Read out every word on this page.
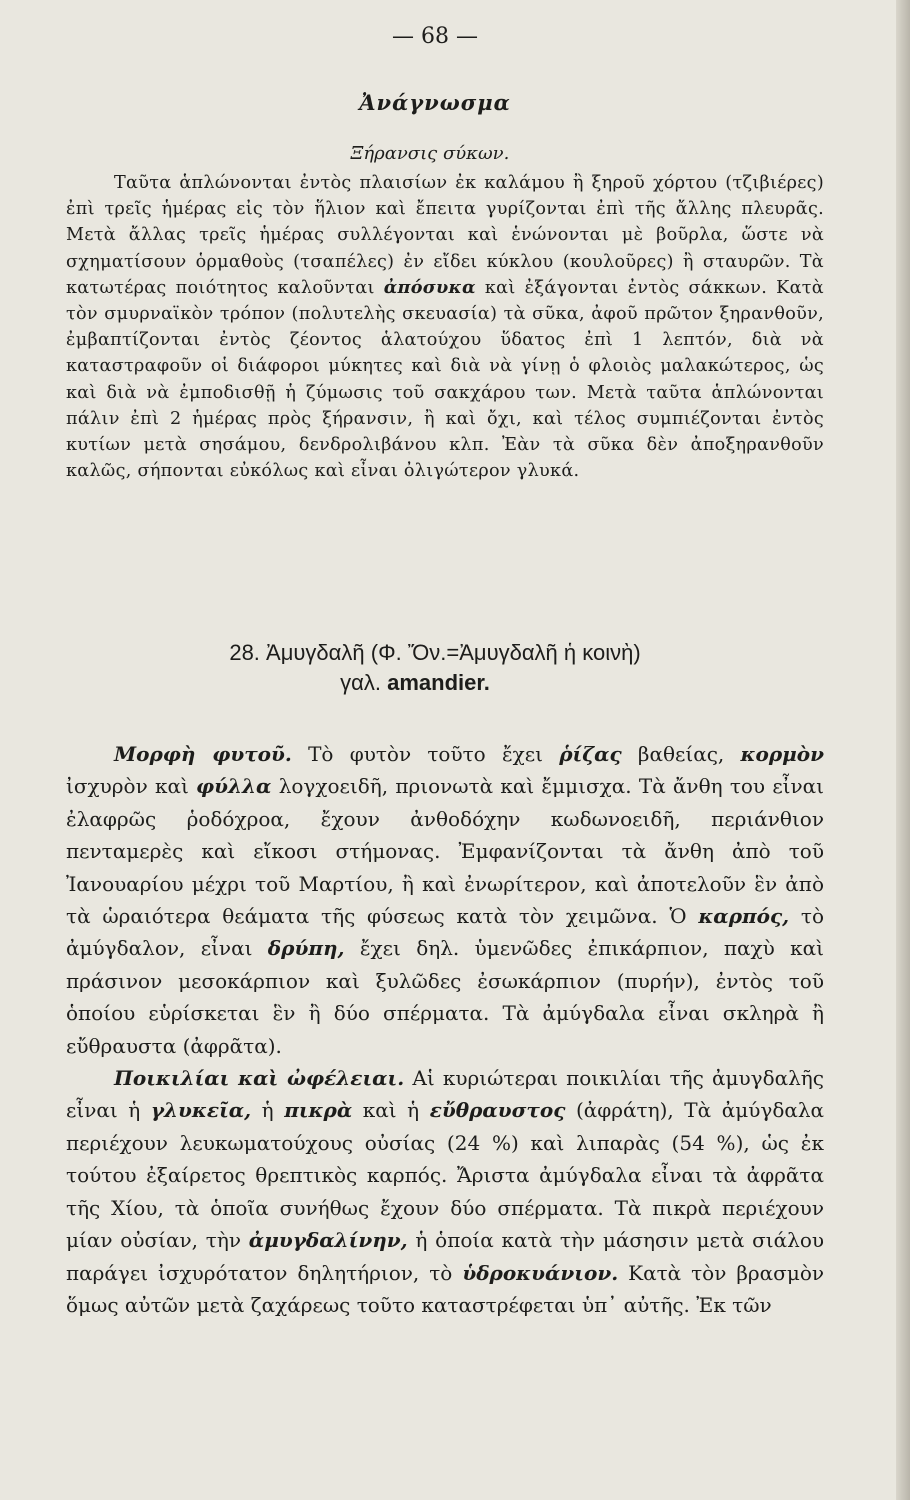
— 68 —
Ἀνάγνωσμα
Ξήρανσις σύκων.

Ταῦτα ἁπλώνονται ἐντὸς πλαισίων ἐκ καλάμου ἢ ξηροῦ χόρτου (τζιβιέρες) ἐπὶ τρεῖς ἡμέρας εἰς τὸν ἥλιον καὶ ἔπειτα γυρίζονται ἐπὶ τῆς ἄλλης πλευρᾶς. Μετὰ ἄλλας τρεῖς ἡμέρας συλλέγονται καὶ ἑνώνονται μὲ βοῦρλα, ὥστε νὰ σχηματίσουν ὁρμαθοὺς (τσαπέλες) ἐν εἴδει κύκλου (κουλοῦρες) ἢ σταυρῶν. Τὰ κατωτέρας ποιότητος καλοῦνται ἀπόσυκα καὶ ἐξάγονται ἐντὸς σάκκων. Κατὰ τὸν σμυρναϊκὸν τρόπον (πολυτελὴς σκευασία) τὰ σῦκα, ἀφοῦ πρῶτον ξηρανθοῦν, ἐμβαπτίζονται ἐντὸς ζέοντος ἁλατούχου ὕδατος ἐπὶ 1 λεπτόν, διὰ νὰ καταστραφοῦν οἱ διάφοροι μύκητες καὶ διὰ νὰ γίνῃ ὁ φλοιὸς μαλακώτερος, ὡς καὶ διὰ νὰ ἐμποδισθῇ ἡ ζύμωσις τοῦ σακχάρου των. Μετὰ ταῦτα ἁπλώνονται πάλιν ἐπὶ 2 ἡμέρας πρὸς ξήρανσιν, ἢ καὶ ὄχι, καὶ τέλος συμπιέζονται ἐντὸς κυτίων μετὰ σησάμου, δενδρολιβάνου κλπ. Ἐὰν τὰ σῦκα δὲν ἀποξηρανθοῦν καλῶς, σήπονται εὐκόλως καὶ εἶναι ὀλιγώτερον γλυκά.

28. Ἀμυγδαλῆ (Φ. Ὄν.=Ἀμυγδαλῆ ἡ κοινὴ)
γαλ. amandier.

Μορφὴ φυτοῦ. Τὸ φυτὸν τοῦτο ἔχει ῥίζας βαθείας, κορμὸν ἰσχυρὸν καὶ φύλλα λογχοειδῆ, πριονωτὰ καὶ ἔμμισχα. Τὰ ἄνθη του εἶναι ἐλαφρῶς ῥοδόχροα, ἔχουν ἀνθοδόχην κωδωνοειδῆ, περιάνθιον πενταμερὲς καὶ εἴκοσι στήμονας. Ἐμφανίζονται τὰ ἄνθη ἀπὸ τοῦ Ἰανουαρίου μέχρι τοῦ Μαρτίου, ἢ καὶ ἐνωρίτερον, καὶ ἀποτελοῦν ἓν ἀπὸ τὰ ὡραιότερα θεάματα τῆς φύσεως κατὰ τὸν χειμῶνα. Ὁ καρπός, τὸ ἀμύγδαλον, εἶναι δρύπη, ἔχει δηλ. ὑμενῶδες ἐπικάρπιον, παχὺ καὶ πράσινον μεσοκάρπιον καὶ ξυλῶδες ἐσωκάρπιον (πυρήν), ἐντὸς τοῦ ὁποίου εὑρίσκεται ἓν ἢ δύο σπέρματα. Τὰ ἀμύγδαλα εἶναι σκληρὰ ἢ εὔθραυστα (ἀφρᾶτα).

Ποικιλίαι καὶ ὠφέλειαι. Αἱ κυριώτεραι ποικιλίαι τῆς ἀμυγδαλῆς εἶναι ἡ γλυκεῖα, ἡ πικρὰ καὶ ἡ εὔθραυστος (ἀφράτη), Τὰ ἀμύγδαλα περιέχουν λευκωματούχους οὐσίας (24 %) καὶ λιπαρὰς (54 %), ὡς ἐκ τούτου ἐξαίρετος θρεπτικὸς καρπός. Ἄριστα ἀμύγδαλα εἶναι τὰ ἀφρᾶτα τῆς Χίου, τὰ ὁποῖα συνήθως ἔχουν δύο σπέρματα. Τὰ πικρὰ περιέχουν μίαν οὐσίαν, τὴν ἀμυγδαλίνην, ἡ ὁποία κατὰ τὴν μάσησιν μετὰ σιάλου παράγει ἰσχυρότατον δηλητήριον, τὸ ὑδροκυάνιον. Κατὰ τὸν βρασμὸν ὅμως αὐτῶν μετὰ ζαχάρεως τοῦτο καταστρέφεται ὑπ᾽ αὐτῆς. Ἐκ τῶν
